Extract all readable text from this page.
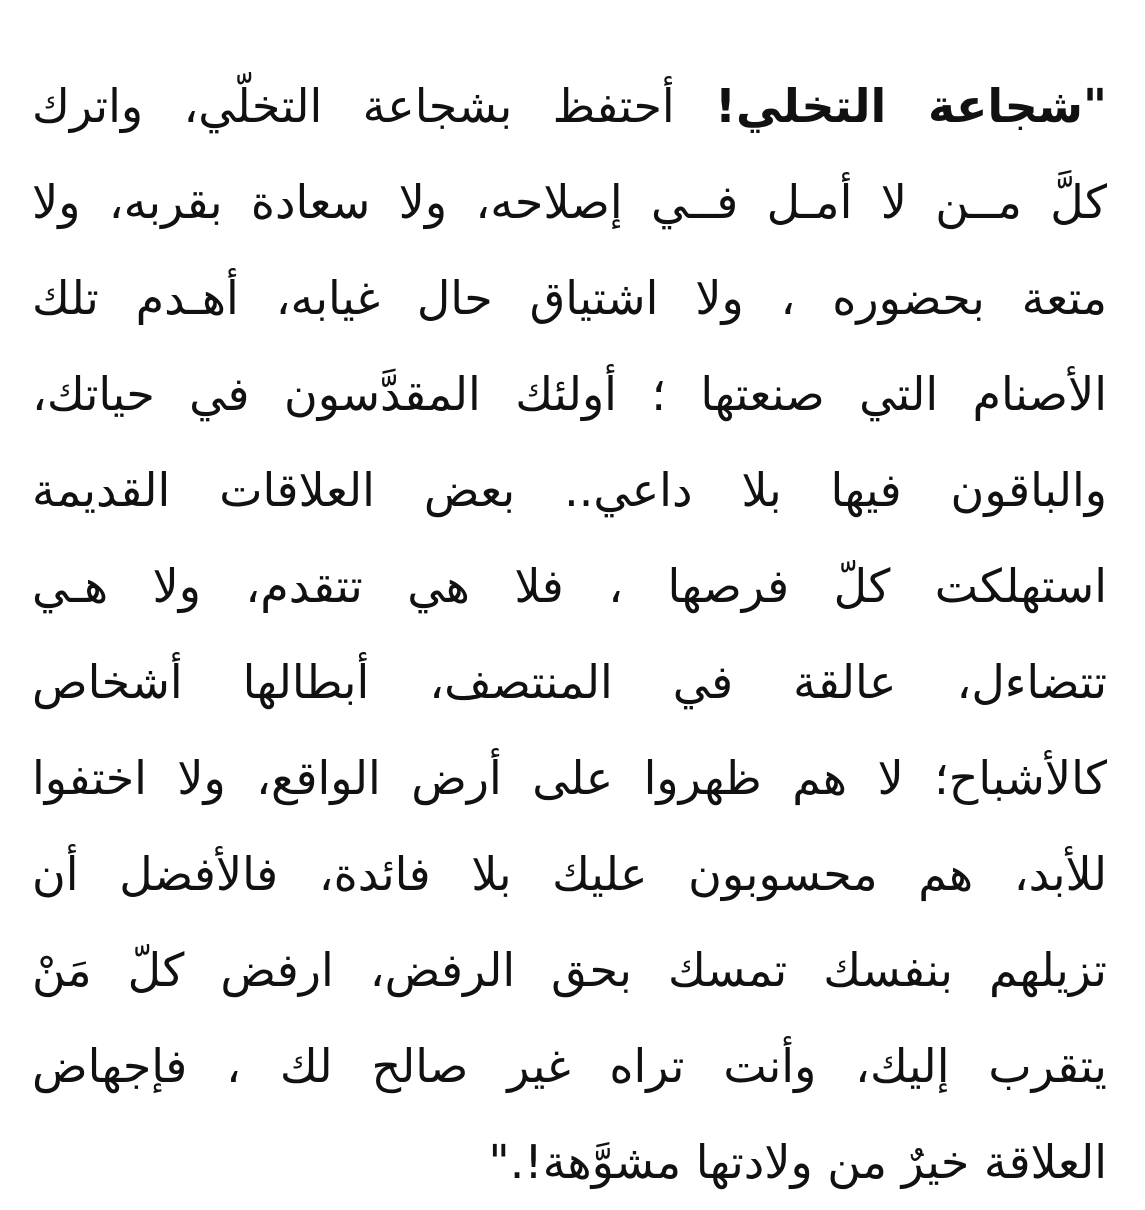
"شجاعة التخلي! أحتفظ بشجاعة التخلّي، واترك
كلَّ مــن لا أمـل فــي إصلاحه، ولا سعادة بقربه، ولا
متعة بحضوره ، ولا اشتياق حال غيابه، أهـدم تلك
الأصنام التي صنعتها ؛ أولئك المقدَّسون في حياتك،
والباقون فيها بلا داعي.. بعض العلاقات القديمة
استهلكت كلّ فرصها ، فلا هي تتقدم، ولا هـي
تتضاءل، عالقة في المنتصف، أبطالها أشخاص
كالأشباح؛ لا هم ظهروا على أرض الواقع، ولا اختفوا
للأبد، هم محسوبون عليك بلا فائدة، فالأفضل أن
تزيلهم بنفسك تمسك بحق الرفض، ارفض كلّ مَنْ
يتقرب إليك، وأنت تراه غير صالح لك ، فإجهاض
العلاقة خيرٌ من ولادتها مشوَّهة!."
